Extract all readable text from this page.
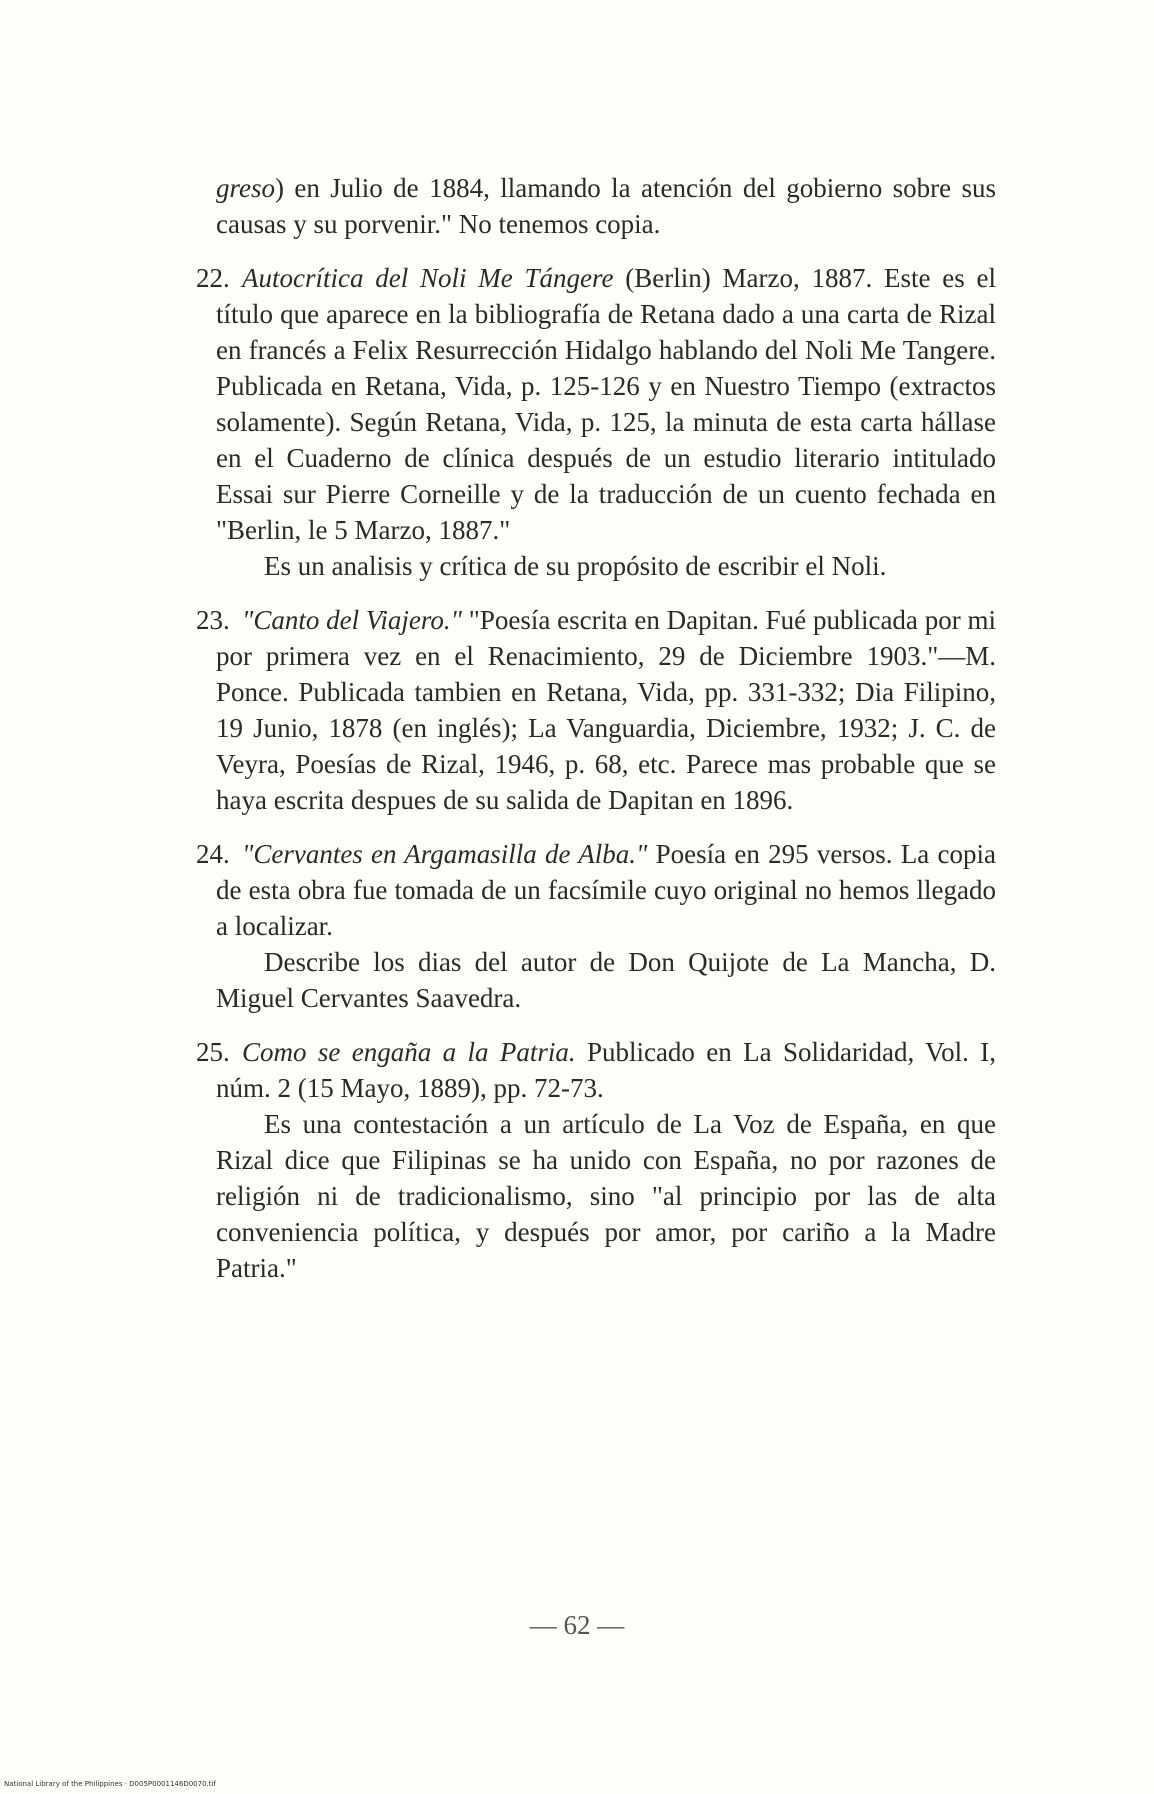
greso) en Julio de 1884, llamando la atención del gobierno sobre sus causas y su porvenir." No tenemos copia.

22. Autocrítica del Noli Me Tángere (Berlin) Marzo, 1887. Este es el título que aparece en la bibliografía de Retana dado a una carta de Rizal en francés a Felix Resurrección Hidalgo hablando del Noli Me Tangere. Publicada en Retana, Vida, p. 125-126 y en Nuestro Tiempo (extractos solamente). Según Retana, Vida, p. 125, la minuta de esta carta hállase en el Cuaderno de clínica después de un estudio literario intitulado Essai sur Pierre Corneille y de la traducción de un cuento fechada en "Berlin, le 5 Marzo, 1887."

Es un analisis y crítica de su propósito de escribir el Noli.

23. "Canto del Viajero." "Poesía escrita en Dapitan. Fué publicada por mi por primera vez en el Renacimiento, 29 de Diciembre 1903."—M. Ponce. Publicada tambien en Retana, Vida, pp. 331-332; Dia Filipino, 19 Junio, 1878 (en inglés); La Vanguardia, Diciembre, 1932; J. C. de Veyra, Poesías de Rizal, 1946, p. 68, etc. Parece mas probable que se haya escrita despues de su salida de Dapitan en 1896.

24. "Cervantes en Argamasilla de Alba." Poesía en 295 versos. La copia de esta obra fue tomada de un facsímile cuyo original no hemos llegado a localizar.

Describe los dias del autor de Don Quijote de La Mancha, D. Miguel Cervantes Saavedra.

25. Como se engaña a la Patria. Publicado en La Solidaridad, Vol. I, núm. 2 (15 Mayo, 1889), pp. 72-73.

Es una contestación a un artículo de La Voz de España, en que Rizal dice que Filipinas se ha unido con España, no por razones de religión ni de tradicionalismo, sino "al principio por las de alta conveniencia política, y después por amor, por cariño a la Madre Patria."

— 62 —
National Library of the Philippines · D005P0001146D0070.tif
